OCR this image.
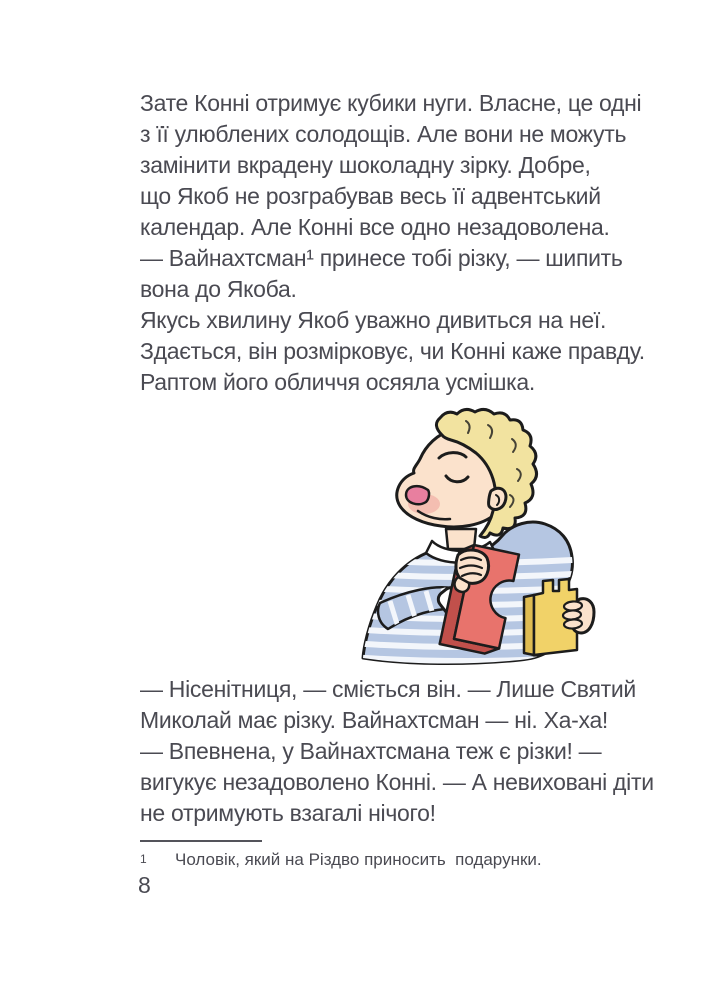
Зате Конні отримує кубики нуги. Власне, це одні
з її улюблених солодощів. Але вони не можуть
замінити вкрадену шоколадну зірку. Добре,
що Якоб не розграбував весь її адвентський
календар. Але Конні все одно незадоволена.
— Вайнахтсман¹ принесе тобі різку, — шипить
вона до Якоба.
Якусь хвилину Якоб уважно дивиться на неї.
Здається, він розмірковує, чи Конні каже правду.
Раптом його обличчя осяяла усмішка.
— Нісенітниця, — сміється він. — Лише Святий
Миколай має різку. Вайнахтсман — ні. Ха-ха!
— Впевнена, у Вайнахтсмана теж є різки! —
вигукує незадоволено Конні. — А невиховані діти
не отримують взагалі нічого!
1 Чоловік, який на Різдво приносить  подарунки.
8
